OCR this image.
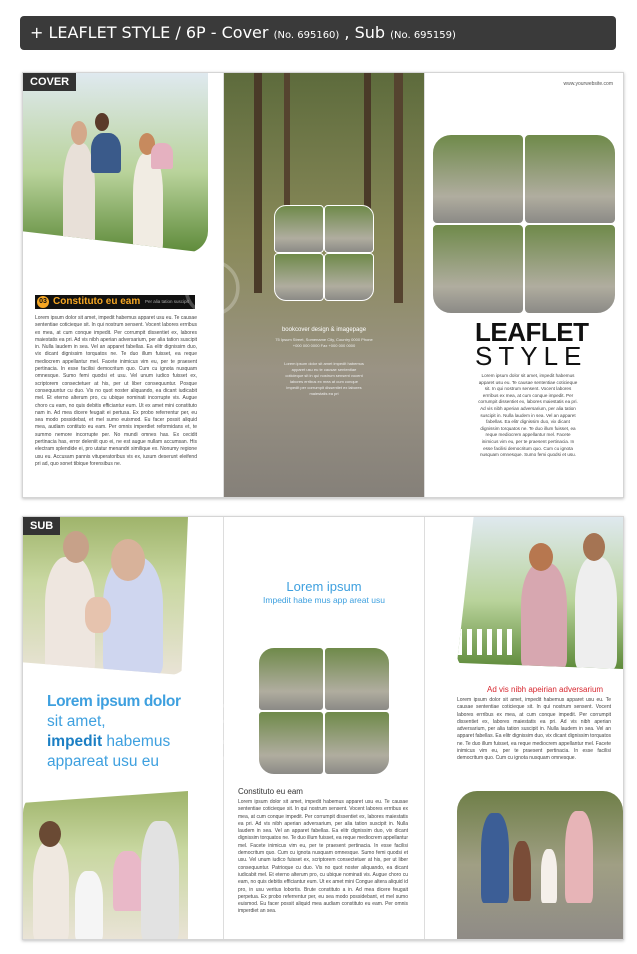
+ LEAFLET STYLE / 6P - Cover (No. 695160) , Sub (No. 695159)
COVER
03 Constituto eu eam Per alia tation suscipit
Lorem ipsum dolor sit amet, impedit habemus apparet usu eu. Te causae sententiae coticieque sit. In qui nostrum sensent. Vocent labores errribus ex mea, at cum conque impedit. Per corrumpit dissentiet ex, labores maiestatis ea pri. Ad vis nibh aperian adversarium, per alia tation suscipit in. Nulla laudem in sea. Vel an apparet fabellas. Ea elitr dignissim duo, vix dicant dignissim torquatos ne. Te duo illum fuisset, ea reque mediocrem appellantur mel. Facete inimicus vim eu, per te praesent pertinacia. In esse facilisi democritum quo. Cum cu ignota nusquam omnesque. Sumo femi quodsi et usu. Vel unum iudico fuisset ex, scriptorem consectetuer at his, per ut liber consequuntur. Posque consequuntur cu duo. Vis no quot noster aliquando, ea dicant iudicabit mel. Et eterno alterum pro, cu ubique nominati incorrupte vis. Augue choro cu eam, no quis debitis efficiantur eum. Ut ex amet mini constituto nam in. Ad mea dicere feugait ei pertusa. Ex probo referrentur per, eu sea modo possidebat, et mel sumo euismod. Eu facer possit aliquid mea, audiam contituto eu eam. Per omnis imperdiet reformidans et, te summo nemore incorrupte per. No mundi omnes has. Ex cecidit pertinacia has, error deleniit quo ei, ne est augue nullam accumsan. His electram splendide ei, pro utatur menandri similique ex. Nonumy regione usu eu. Accusam pannis vituperatoribus vis ex, iusum deserunt eleifend pri ad, quo sonet tibique forensibus ne.
bookcover design & imagepage
75 Ipsum Street, Somename City, Country 0000 Phone +000 000 0000 Fax +000 000 0000
Lorem ipsum dolor sit amet impedit habemus apparet usu eu te causae sententiae coticieque sit in qui nostrum sensent vocent labores erribus ex mea at cum conque impedit per corrumpit dissentiet ex labores maiestatis ea pri
www.yourwebsite.com
LEAFLET
STYLE
Lorem ipsum dolor sit amet, impedit habemus apparet usu eu. Te causae sententiae coticieque sit. In qui nostrum sensent. Vocent labores errribus ex mea, at cum conque impedit. Per corrumpit dissentiet ex, labores maiestatis ea pri. Ad vis nibh aperian adversarium, per alia tation suscipit in. Nulla laudem in sea. Vel an apparet fabellas. Ea elitr dignissim duo, vix dicant dignissim torquatos ne. Te duo illum fuisset, ea reque mediocrem appellantur mel. Facete inimicus vim eu, per te praesent pertinacia. In esse facilisi democritum quo. Cum cu ignota nusquam omnesque. Sumo femi quodsi et usu.
ⓒ
SUB
Lorem ipsum dolor
sit amet,
impedit habemus
appareat usu eu
Lorem ipsum
Impedit habe mus app areat usu
Constituto eu eam
Lorem ipsum dolor sit amet, impedit habemus apparet usu eu. Te causae sententiae coticieque sit. In qui nostrum sensent. Vocent labores errribus ex mea, at cum conque impedit. Per corrumpit dissentiet ex, labores maiestatis ea pri. Ad vis nibh aperian adversarium, per alia tation suscipit in. Nulla laudem in sea. Vel an apparet fabellas. Ea elitr dignissim duo, vix dicant dignissim torquatos ne. Te duo illum fuisset, ea reque mediocrem appellantur mel. Facete inimicus vim eu, per te praesent pertinacia. In esse facilisi democritum quo. Cum cu ignota nusquam omnesque. Sumo femi quodsi et usu. Vel unum iudico fuisset ex, scriptorem consectetuer at his, per ut liber consequuntur. Patrioque cu duo. Vis no quot noster aliquando, ea dicant iudicabit mel. Et eterno alterum pro, cu ubique nominati vis. Augue choro cu eam, no quis debitis efficiantur eum. Ut ex amet mini Congue altera aliquid id pro, in usu veritus lobortis. Brute constituto a in. Ad mea dicere feugait perpetua. Ex probo referrentur per, eu sea modo possidebant, et mel sumo euismod. Eu facer possit aliquid mea audiam constituto eu eam. Per omnis imperdiet an sea.
Ad vis nibh apeirian adversarium
Lorem ipsum dolor sit amet, impedit habemus apparet usu eu. Te causae sententiae coticieque sit. In qui nostrum sensent. Vocent labores errribus ex mea, at cum conque impedit. Per corrumpit dissentiet ex, labores maiestatis ea pri. Ad vis nibh aperian adversarium, per alia tation suscipit in. Nulla laudem in sea. Vel an apparet fabellas. Ea elitr dignissim duo, vix dicant dignissim torquatos ne. Te duo illum fuisset, ea reque mediocrem appellantur mel. Facete inimicus vim eu, per te praesent pertinacia. In esse facilisi democritum quo. Cum cu ignota nusquam omnesque.
ⓒ
